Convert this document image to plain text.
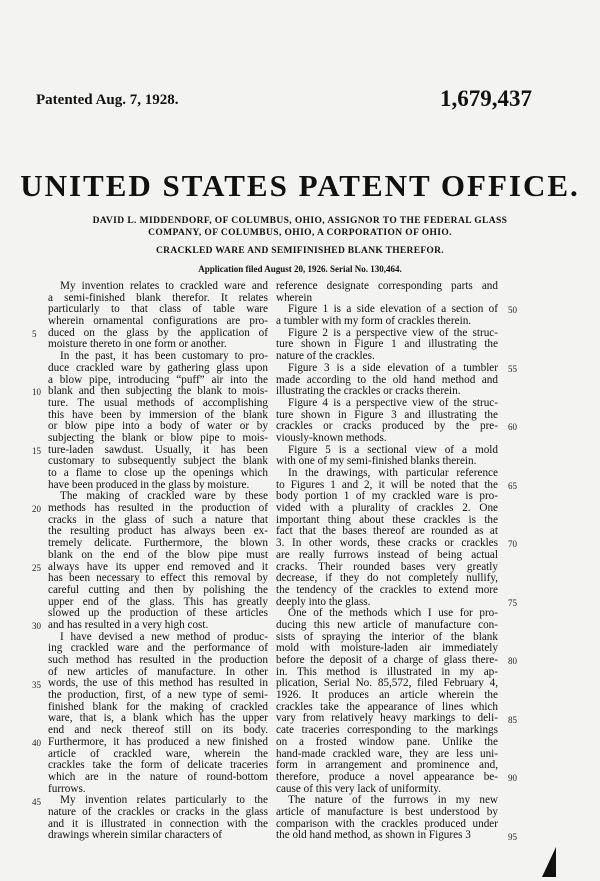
Patented Aug. 7, 1928.	1,679,437
UNITED STATES PATENT OFFICE.
DAVID L. MIDDENDORF, OF COLUMBUS, OHIO, ASSIGNOR TO THE FEDERAL GLASS
COMPANY, OF COLUMBUS, OHIO, A CORPORATION OF OHIO.
CRACKLED WARE AND SEMIFINISHED BLANK THEREFOR.
Application filed August 20, 1926. Serial No. 130,464.
My invention relates to crackled ware and
a semi-finished blank therefor. It relates
particularly to that class of table ware
wherein ornamental configurations are pro-
duced on the glass by the application of
moisture thereto in one form or another.
In the past, it has been customary to pro-
duce crackled ware by gathering glass upon
a blow pipe, introducing “puff” air into the
blank and then subjecting the blank to mois-
ture. The usual methods of accomplishing
this have been by immersion of the blank
or blow pipe into a body of water or by
subjecting the blank or blow pipe to mois-
ture-laden sawdust. Usually, it has been
customary to subsequently subject the blank
to a flame to close up the openings which
have been produced in the glass by moisture.
The making of crackled ware by these
methods has resulted in the production of
cracks in the glass of such a nature that
the resulting product has always been ex-
tremely delicate. Furthermore, the blown
blank on the end of the blow pipe must
always have its upper end removed and it
has been necessary to effect this removal by
careful cutting and then by polishing the
upper end of the glass. This has greatly
slowed up the production of these articles
and has resulted in a very high cost.
I have devised a new method of produc-
ing crackled ware and the performance of
such method has resulted in the production
of new articles of manufacture. In other
words, the use of this method has resulted in
the production, first, of a new type of semi-
finished blank for the making of crackled
ware, that is, a blank which has the upper
end and neck thereof still on its body.
Furthermore, it has produced a new finished
article of crackled ware, wherein the
crackles take the form of delicate traceries
which are in the nature of round-bottom
furrows.
My invention relates particularly to the
nature of the crackles or cracks in the glass
and it is illustrated in connection with the
drawings wherein similar characters of
reference designate corresponding parts and
wherein
Figure 1 is a side elevation of a section of
a tumbler with my form of crackles therein.
Figure 2 is a perspective view of the struc-
ture shown in Figure 1 and illustrating the
nature of the crackles.
Figure 3 is a side elevation of a tumbler
made according to the old hand method and
illustrating the crackles or cracks therein.
Figure 4 is a perspective view of the struc-
ture shown in Figure 3 and illustrating the
crackles or cracks produced by the pre-
viously-known methods.
Figure 5 is a sectional view of a mold
with one of my semi-finished blanks therein.
In the drawings, with particular reference
to Figures 1 and 2, it will be noted that the
body portion 1 of my crackled ware is pro-
vided with a plurality of crackles 2. One
important thing about these crackles is the
fact that the bases thereof are rounded as at
3. In other words, these cracks or crackles
are really furrows instead of being actual
cracks. Their rounded bases very greatly
decrease, if they do not completely nullify,
the tendency of the crackles to extend more
deeply into the glass.
One of the methods which I use for pro-
ducing this new article of manufacture con-
sists of spraying the interior of the blank
mold with moisture-laden air immediately
before the deposit of a charge of glass there-
in. This method is illustrated in my ap-
plication, Serial No. 85,572, filed February 4,
1926. It produces an article wherein the
crackles take the appearance of lines which
vary from relatively heavy markings to deli-
cate traceries corresponding to the markings
on a frosted window pane. Unlike the
hand-made crackled ware, they are less uni-
form in arrangement and prominence and,
therefore, produce a novel appearance be-
cause of this very lack of uniformity.
The nature of the furrows in my new
article of manufacture is best understood by
comparison with the crackles produced under
the old hand method, as shown in Figures 3
5
10
15
20
25
30
35
40
45
50
55
60
65
70
75
80
85
90
95
